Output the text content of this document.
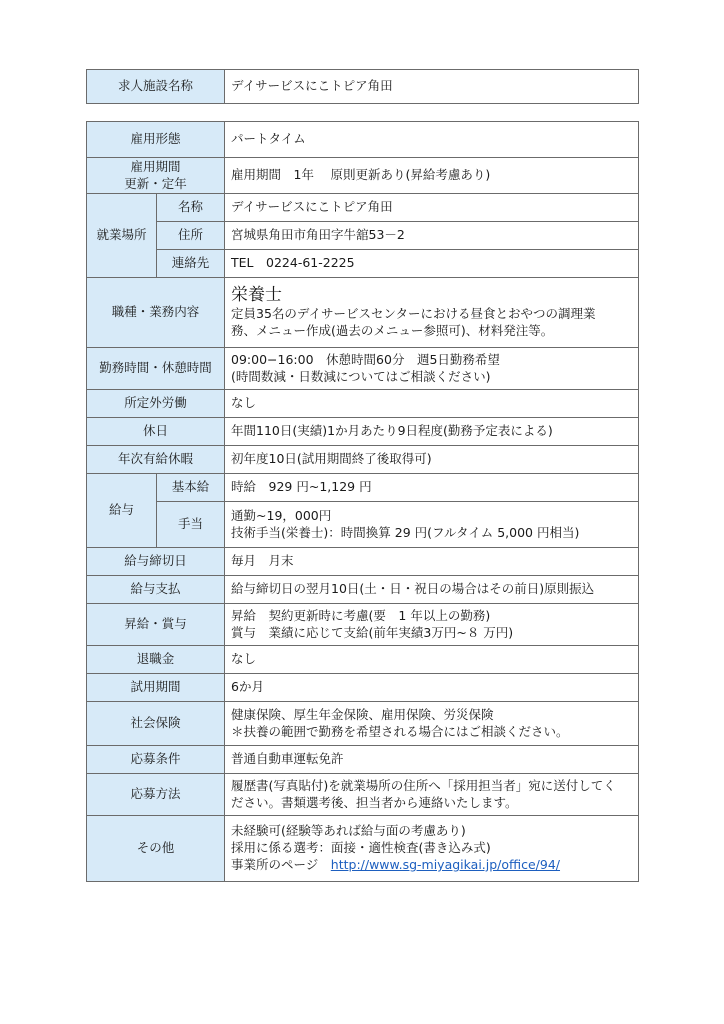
求人施設名称	デイサービスにこトピア角田
雇用形態		パートタイム

雇用期間
更新・定年		雇用期間　1年　 原則更新あり(昇給考慮あり)
就業場所	名称	デイサービスにこトピア角田
	住所	宮城県角田市角田字牛舘53－2
	連絡先	TEL　0224-61-2225
職種・業務内容		栄養士
定員35名のデイサービスセンターにおける昼食とおやつの調理業
務、メニュー作成(過去のメニュー参照可)、材料発注等。

勤務時間・休憩時間		09:00−16:00　休憩時間60分　週5日勤務希望
(時間数減・日数減についてはご相談ください)

所定外労働		なし
休日		年間110日(実績)1か月あたり9日程度(勤務予定表による)
年次有給休暇		初年度10日(試用期間終了後取得可)
給与	基本給	時給　929 円~1,129 円
	手当	通勤~19，000円
技術手当(栄養士)：時間換算 29 円(フルタイム 5,000 円相当)

給与締切日		毎月　月末
給与支払		給与締切日の翌月10日(土・日・祝日の場合はその前日)原則振込
昇給・賞与		昇給　契約更新時に考慮(要　1 年以上の勤務)
賞与　業績に応じて支給(前年実績3万円~８ 万円)

退職金		なし
試用期間		6か月
社会保険		健康保険、厚生年金保険、雇用保険、労災保険
＊扶養の範囲で勤務を希望される場合にはご相談ください。

応募条件		普通自動車運転免許
応募方法		履歴書(写真貼付)を就業場所の住所へ「採用担当者」宛に送付してく
ださい。書類選考後、担当者から連絡いたします。

その他		未経験可(経験等あれば給与面の考慮あり)
採用に係る選考：面接・適性検査(書き込み式)
事業所のページ　http://www.sg-miyagikai.jp/office/94/
